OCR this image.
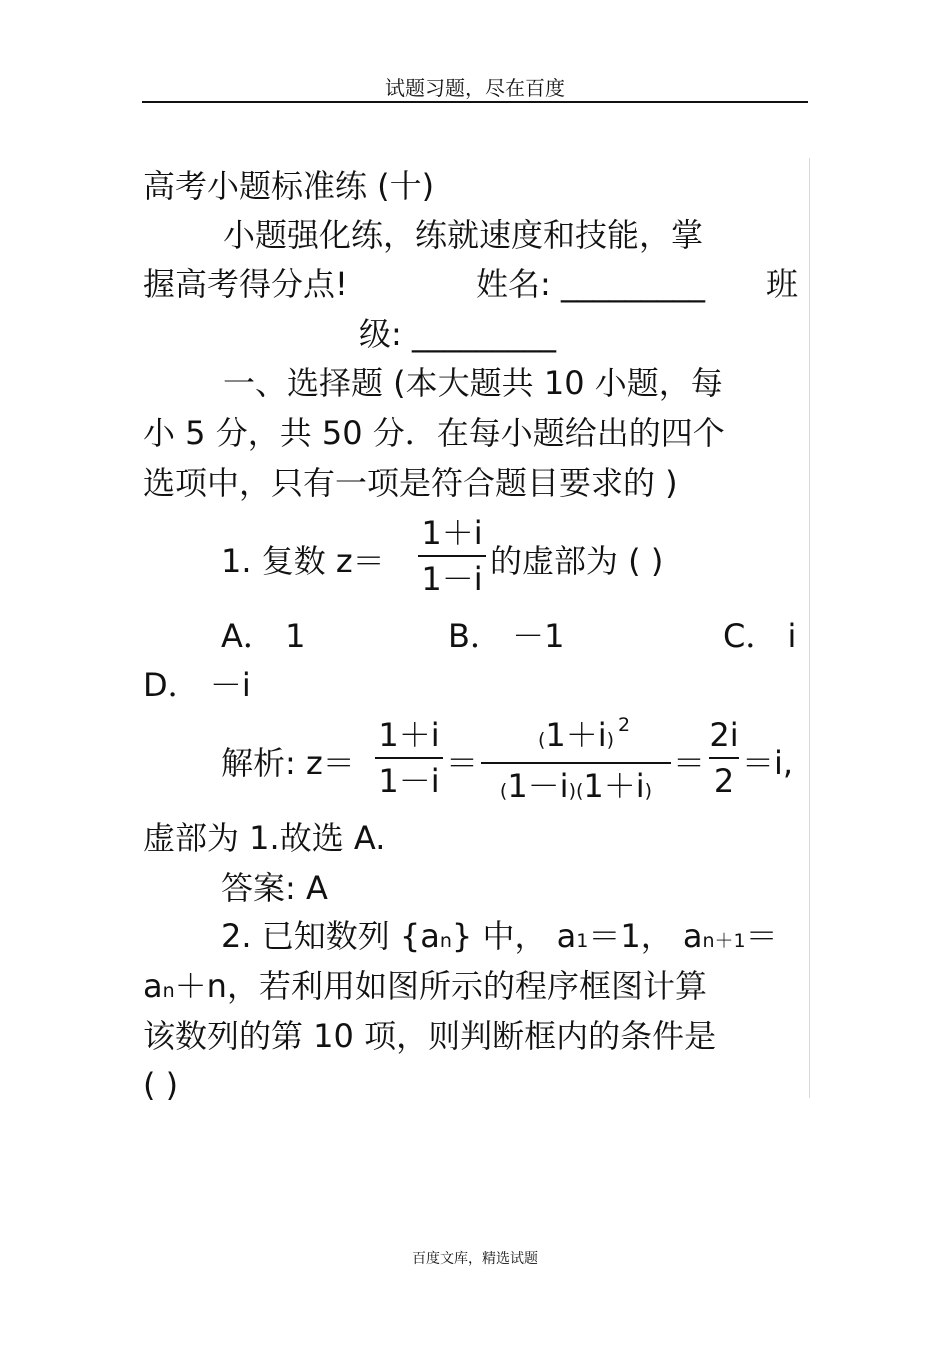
试题习题，尽在百度
高考小题标准练 (十)
小题强化练，练就速度和技能，掌
握高考得分点!	姓名: _________ 班
级: _________
一、选择题 (本大题共 10 小题，每
小 5 分，共 50 分．在每小题给出的四个
选项中，只有一项是符合题目要求的 )
1. 复数 z＝
1＋i
1－i 的虚部为 ( )
A． 1	B． －1	C． i
D． －i
解析: z＝
1＋i
1－i ＝
(1＋i)
2
(1－i)(1＋i)
＝
2i
2 ＝i,
虚部为 1.故选 A.
答案: A
2. 已知数列 {an} 中， a1＝1， an＋1＝
an＋n，若利用如图所示的程序框图计算
该数列的第 10 项，则判断框内的条件是
( )
百度文库，精选试题
